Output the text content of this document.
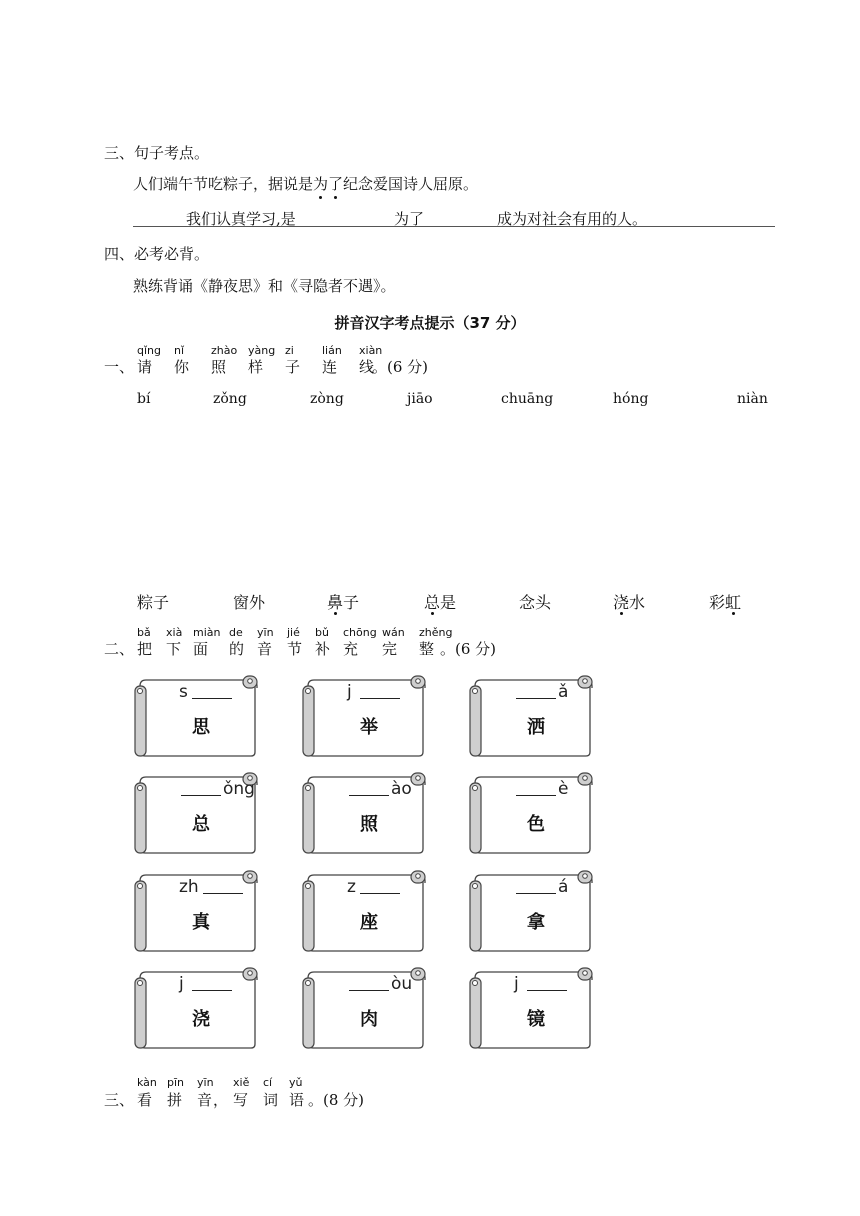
三、句子考点。
人们端午节吃粽子，据说是为了纪念爱国诗人屈原。
我们认真学习,是	为了	成为对社会有用的人。
四、必考必背。
熟练背诵《静夜思》和《寻隐者不遇》。
拼音汉字考点提示（37 分）
qǐng nǐ zhào yàng zi	lián xiàn
一、 请 你 照 样 子 连 线
。(6 分)
bí	zǒng	zòng	jiāo	chuāng	hóng	niàn
粽子	窗外	鼻子	总是	念头	浇水	彩虹
bǎ xià miàn de yīn jié bǔ chōng wán zhěng
二、 把 下 面 的 音 节 补 充 完 整 。(6 分)
s
思
j
举
ǎ
洒
ǒng
总
ào
照
è
色
zh
真
z
座
á
拿
j
浇
òu
肉
j
镜
kàn pīn yīn xiě cí yǔ
三、 看 拼 音 写 词 语
，	。(8 分)
